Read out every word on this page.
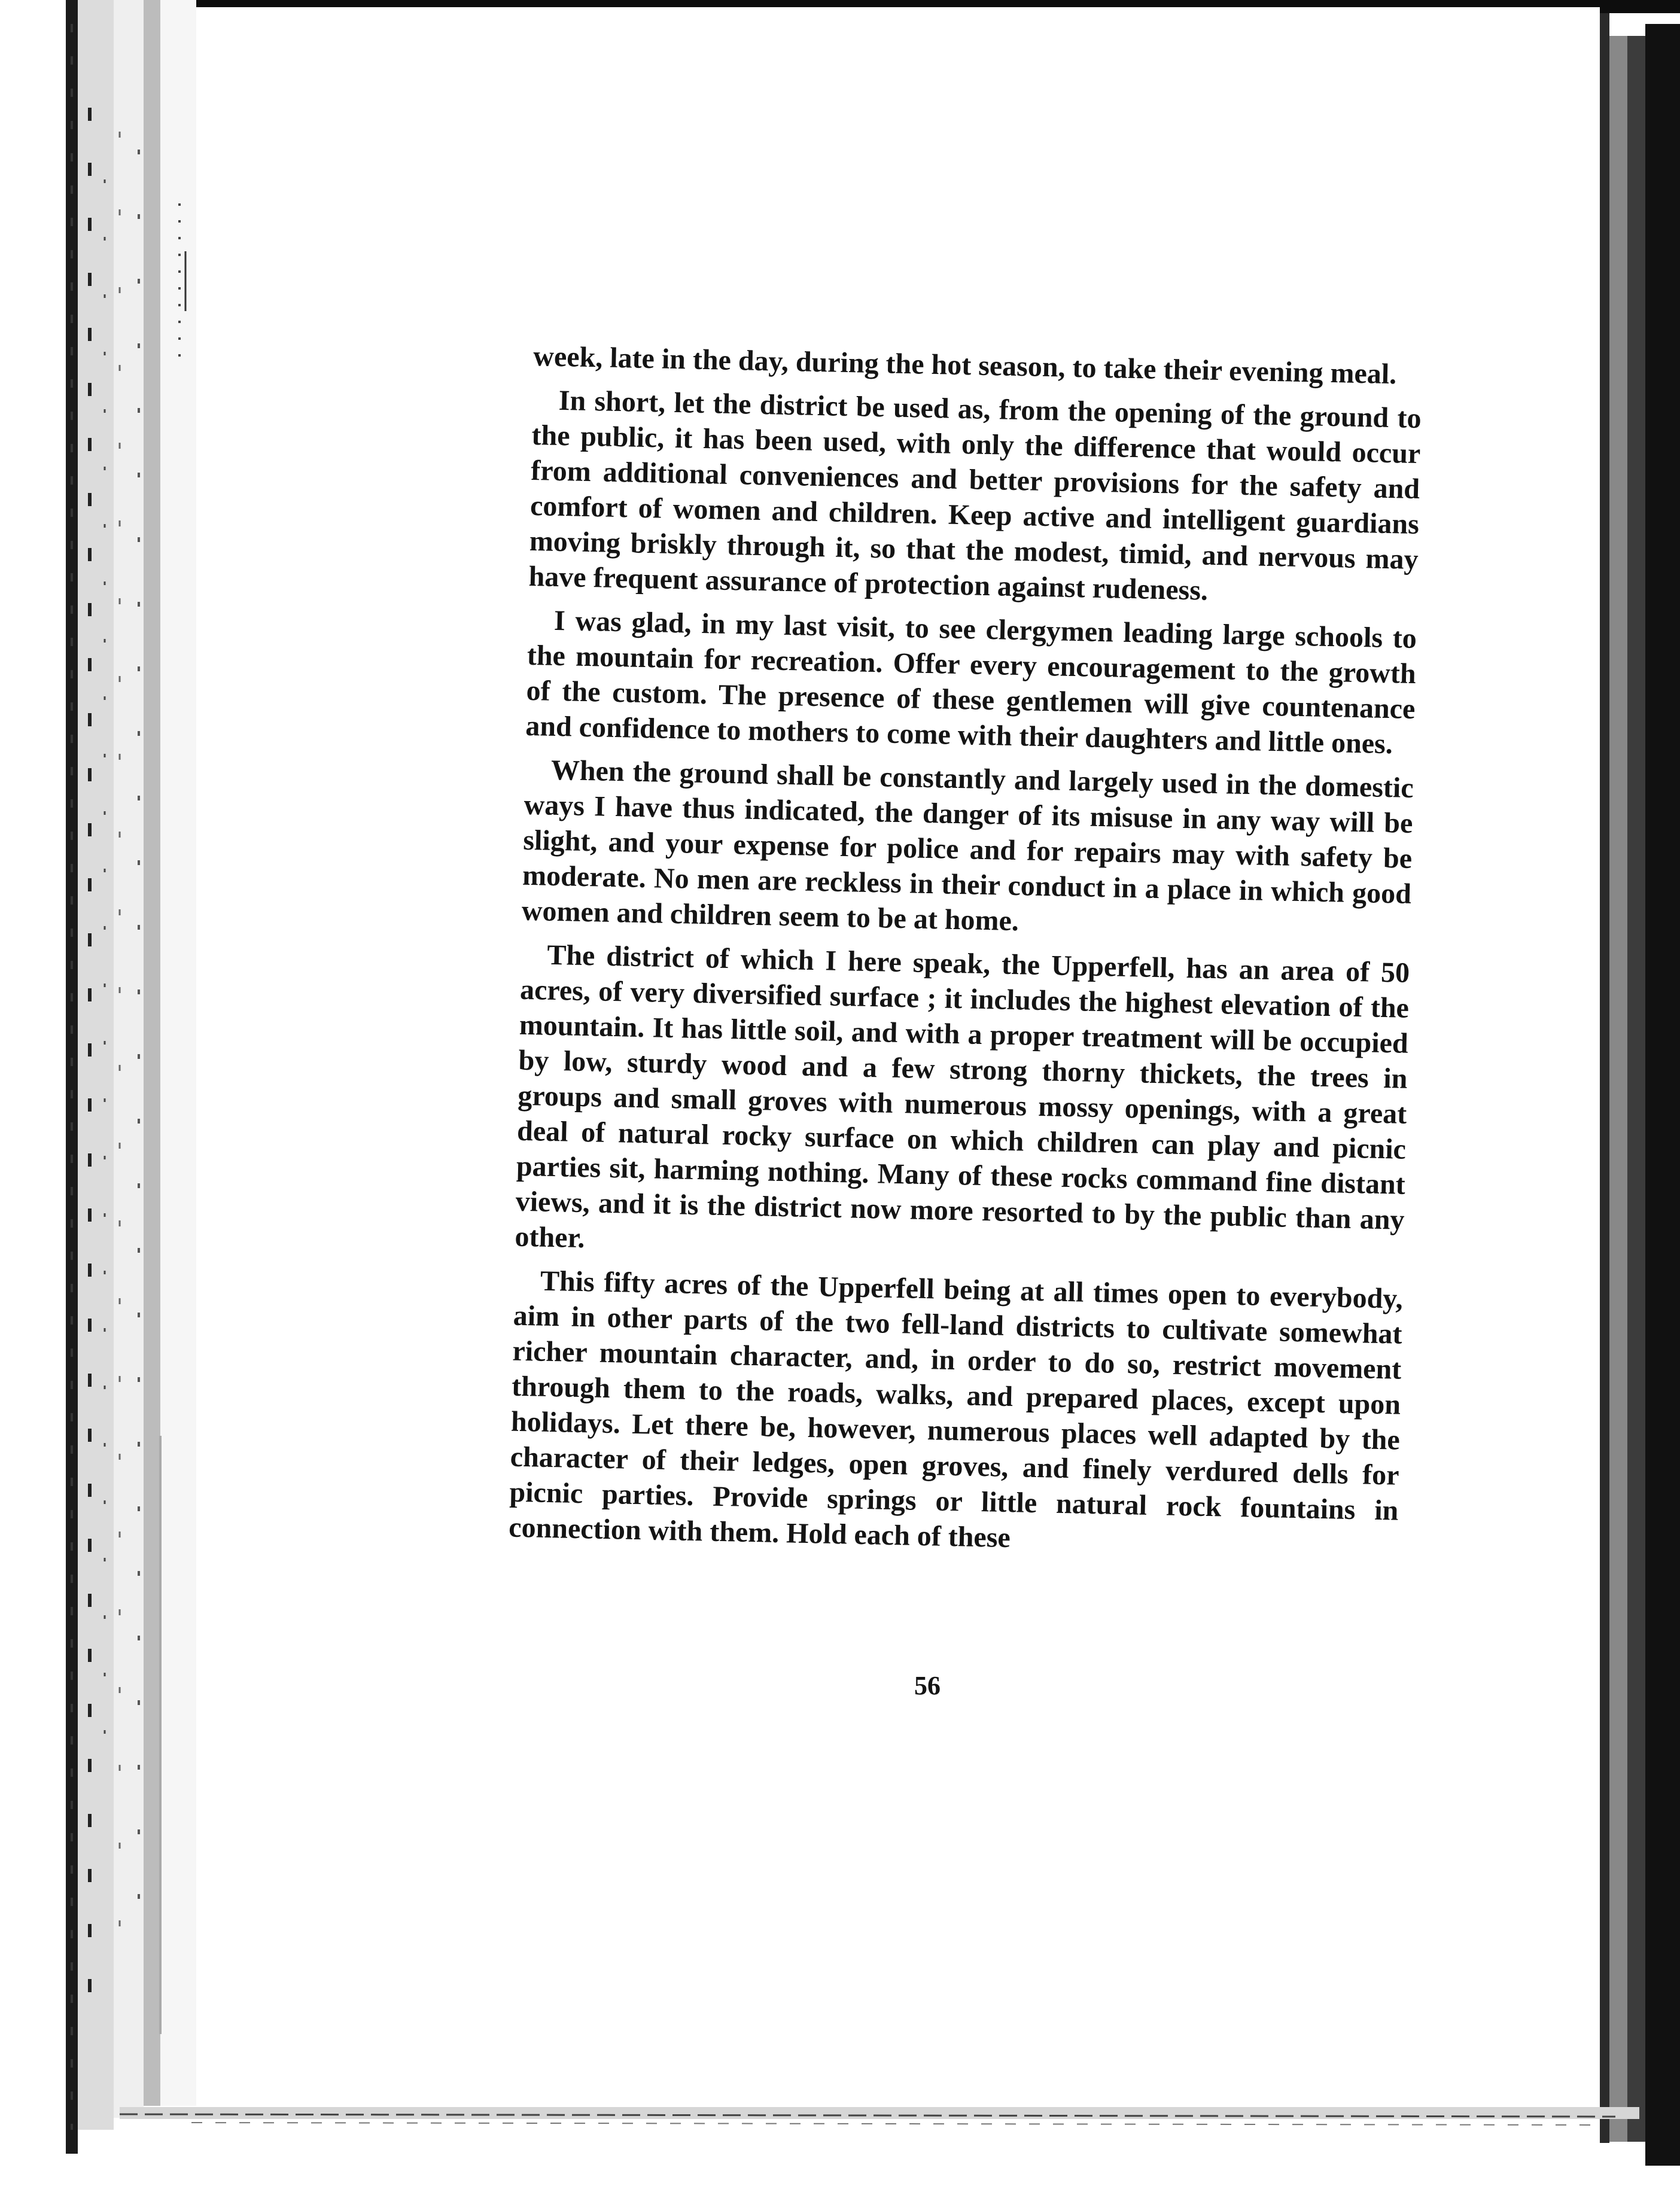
week, late in the day, during the hot season, to take their evening meal.

In short, let the district be used as, from the opening of the ground to the public, it has been used, with only the difference that would occur from additional conveniences and better provisions for the safety and comfort of women and children. Keep active and intelligent guardians moving briskly through it, so that the modest, timid, and nervous may have frequent assurance of protection against rudeness.

I was glad, in my last visit, to see clergymen leading large schools to the mountain for recreation. Offer every encouragement to the growth of the custom. The presence of these gentlemen will give countenance and confidence to mothers to come with their daughters and little ones.

When the ground shall be constantly and largely used in the domestic ways I have thus indicated, the danger of its misuse in any way will be slight, and your expense for police and for repairs may with safety be moderate. No men are reckless in their conduct in a place in which good women and children seem to be at home.

The district of which I here speak, the Upperfell, has an area of 50 acres, of very diversified surface ; it includes the highest elevation of the mountain. It has little soil, and with a proper treatment will be occupied by low, sturdy wood and a few strong thorny thickets, the trees in groups and small groves with numerous mossy openings, with a great deal of natural rocky surface on which children can play and picnic parties sit, harming nothing. Many of these rocks command fine distant views, and it is the district now more resorted to by the public than any other.

This fifty acres of the Upperfell being at all times open to everybody, aim in other parts of the two fell-land districts to cultivate somewhat richer mountain character, and, in order to do so, restrict movement through them to the roads, walks, and prepared places, except upon holidays. Let there be, however, numerous places well adapted by the character of their ledges, open groves, and finely verdured dells for picnic parties. Provide springs or little natural rock fountains in connection with them. Hold each of these

56
